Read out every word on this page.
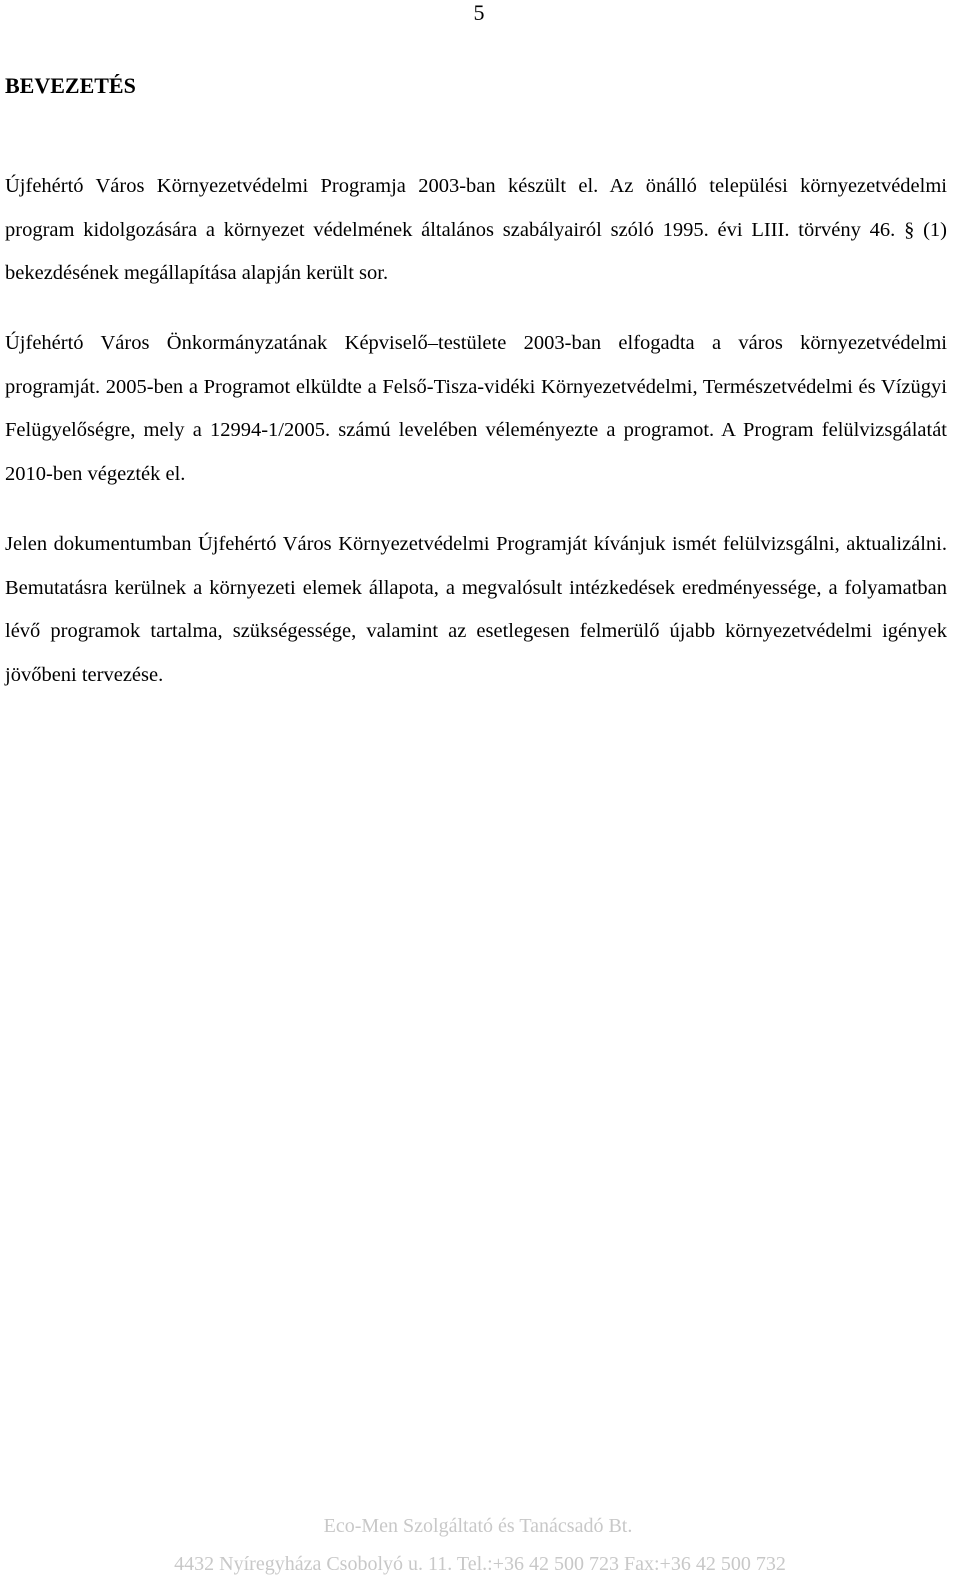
5
BEVEZETÉS

Újfehértó Város Környezetvédelmi Programja 2003-ban készült el. Az önálló települési környezetvédelmi program kidolgozására a környezet védelmének általános szabályairól szóló 1995. évi LIII. törvény 46. § (1) bekezdésének megállapítása alapján került sor.

Újfehértó Város Önkormányzatának Képviselő–testülete 2003-ban elfogadta a város környezetvédelmi programját. 2005-ben a Programot elküldte a Felső-Tisza-vidéki Környezetvédelmi, Természetvédelmi és Vízügyi Felügyelőségre, mely a 12994-1/2005. számú levelében véleményezte a programot. A Program felülvizsgálatát 2010-ben végezték el.

Jelen dokumentumban Újfehértó Város Környezetvédelmi Programját kívánjuk ismét felülvizsgálni, aktualizálni. Bemutatásra kerülnek a környezeti elemek állapota, a megvalósult intézkedések eredményessége, a folyamatban lévő programok tartalma, szükségessége, valamint az esetlegesen felmerülő újabb környezetvédelmi igények jövőbeni tervezése.

Eco-Men Szolgáltató és Tanácsadó Bt.
4432 Nyíregyháza Csobolyó u. 11. Tel.:+36 42 500 723 Fax:+36 42 500 732
